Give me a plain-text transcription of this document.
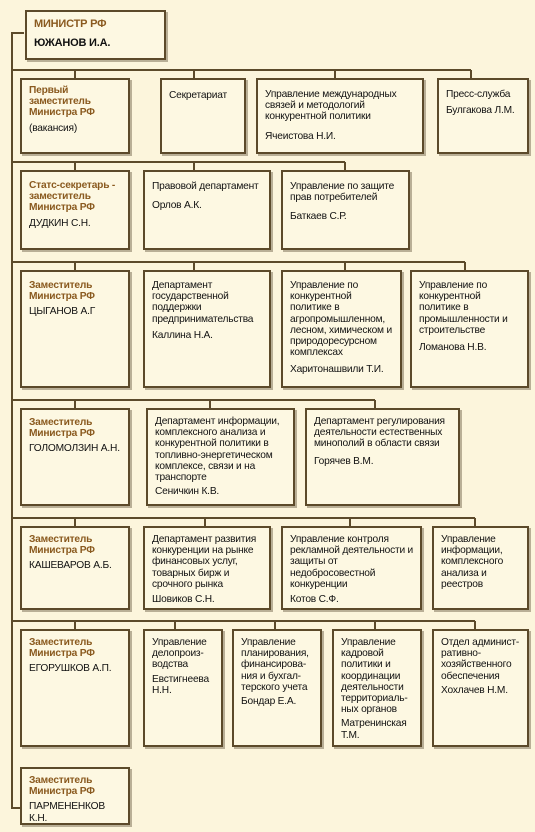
МИНИСТР РФ
ЮЖАНОВ И.А.
Первый заместитель Министра РФ
(вакансия)
Секретариат	Управление международных связей и методологий конкурентной политики
Ячеистова Н.И.
Пресс-служба
Булгакова Л.М.
Статс-секретарь - заместитель Министра РФ
ДУДКИН С.Н.
Правовой департамент
Орлов А.К.
Управление по защите прав потребителей
Баткаев С.Р.
Заместитель Министра РФ
ЦЫГАНОВ А.Г
Департамент государственной поддержки предпринимательства
Каллина Н.А.
Управление по конкурентной политике в агропромышленном, лесном, химическом и природоресурсном комплексах
Харитонашвили Т.И.
Управление по конкурентной политике в промышленности и строительстве
Ломанова Н.В.
Заместитель Министра РФ
ГОЛОМОЛЗИН А.Н.
Департамент информации, комплексного анализа и конкурентной политики в топливно-энергетическом комплексе, связи и на транспорте
Сеничкин К.В.
Департамент регулирования деятельности естественных минополий в области связи
Горячев В.М.
Заместитель Министра РФ
КАШЕВАРОВ А.Б.
Департамент развития конкуренции на рынке финансовых услуг, товарных бирж и срочного рынка
Шовиков С.Н.
Управление контроля рекламной деятельности и защиты от недобросовестной конкуренции
Котов С.Ф.
Управление информации, комплексного анализа и реестров
Заместитель Министра РФ
ЕГОРУШКОВ А.П.
Управление делопроиз-водства
Евстигнеева Н.Н.
Управление планирования, финансирова-ния и бухгал-терского учета
Бондар Е.А.
Управление кадровой политики и координации деятельности территориаль-ных органов
Матренинская Т.М.
Отдел админист-ративно-хозяйственного обеспечения
Хохлачев Н.М.
Заместитель Министра РФ
ПАРМЕНЕНКОВ К.Н.
